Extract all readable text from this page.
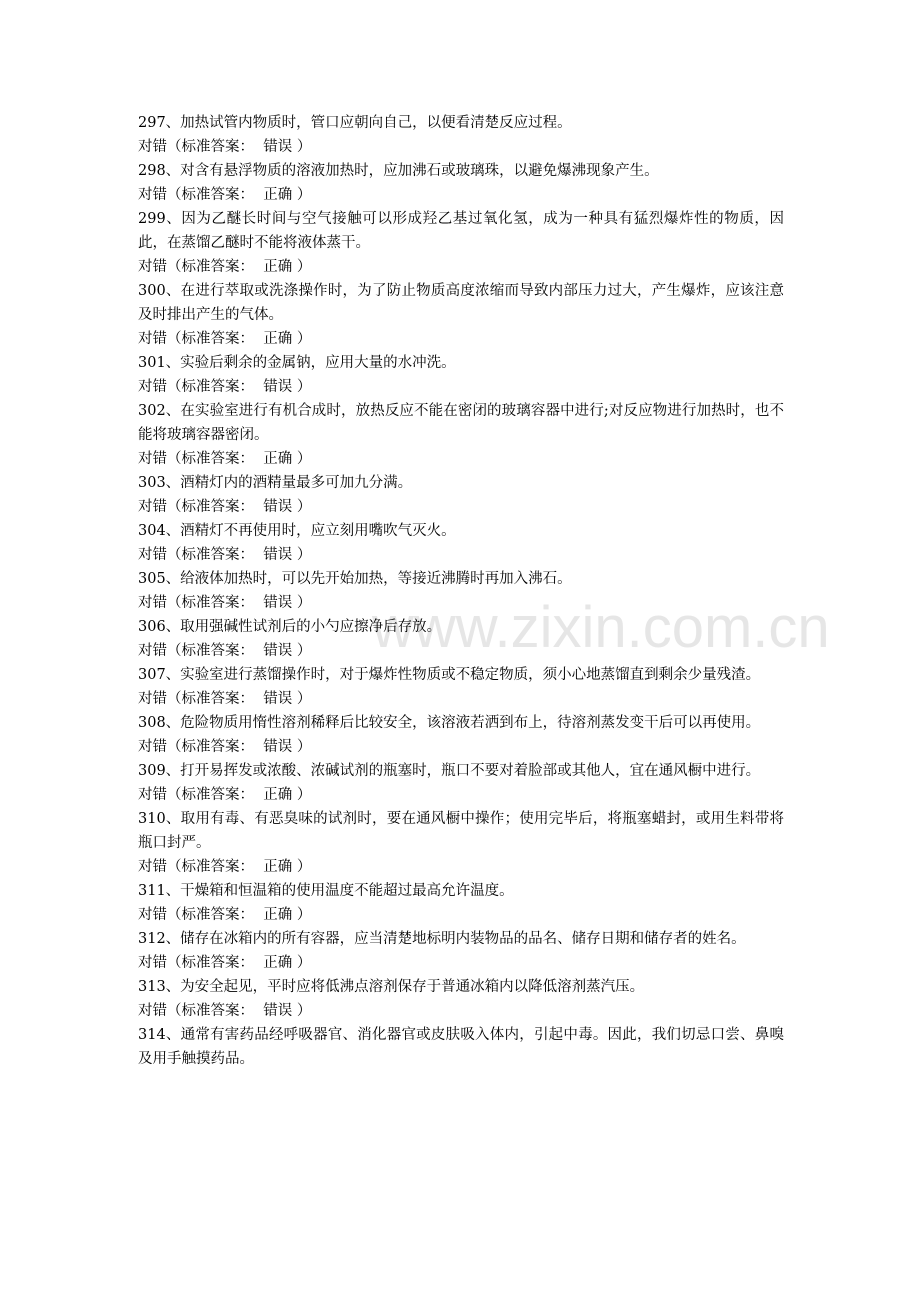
www.zixin.com.cn

297、加热试管内物质时，管口应朝向自己，以便看清楚反应过程。

对错（标准答案：  错误 ）

298、对含有悬浮物质的溶液加热时，应加沸石或玻璃珠，以避免爆沸现象产生。

对错（标准答案：  正确 ）

299、因为乙醚长时间与空气接触可以形成羟乙基过氧化氢，成为一种具有猛烈爆炸性的物质，因此，在蒸馏乙醚时不能将液体蒸干。

对错（标准答案：  正确 ）

300、在进行萃取或洗涤操作时，为了防止物质高度浓缩而导致内部压力过大，产生爆炸，应该注意及时排出产生的气体。

对错（标准答案：  正确 ）

301、实验后剩余的金属钠，应用大量的水冲洗。

对错（标准答案：  错误 ）

302、在实验室进行有机合成时，放热反应不能在密闭的玻璃容器中进行;对反应物进行加热时，也不能将玻璃容器密闭。

对错（标准答案：  正确 ）

303、酒精灯内的酒精量最多可加九分满。

对错（标准答案：  错误 ）

304、酒精灯不再使用时，应立刻用嘴吹气灭火。

对错（标准答案：  错误 ）

305、给液体加热时，可以先开始加热，等接近沸腾时再加入沸石。

对错（标准答案：  错误 ）

306、取用强碱性试剂后的小勺应擦净后存放。

对错（标准答案：  错误 ）

307、实验室进行蒸馏操作时，对于爆炸性物质或不稳定物质，须小心地蒸馏直到剩余少量残渣。

对错（标准答案：  错误 ）

308、危险物质用惰性溶剂稀释后比较安全，该溶液若洒到布上，待溶剂蒸发变干后可以再使用。

对错（标准答案：  错误 ）

309、打开易挥发或浓酸、浓碱试剂的瓶塞时，瓶口不要对着脸部或其他人，宜在通风橱中进行。

对错（标准答案：  正确 ）

310、取用有毒、有恶臭味的试剂时，要在通风橱中操作；使用完毕后，将瓶塞蜡封，或用生料带将瓶口封严。

对错（标准答案：  正确 ）

311、干燥箱和恒温箱的使用温度不能超过最高允许温度。

对错（标准答案：  正确 ）

312、储存在冰箱内的所有容器，应当清楚地标明内装物品的品名、储存日期和储存者的姓名。

对错（标准答案：  正确 ）

313、为安全起见，平时应将低沸点溶剂保存于普通冰箱内以降低溶剂蒸汽压。

对错（标准答案：  错误 ）

314、通常有害药品经呼吸器官、消化器官或皮肤吸入体内，引起中毒。因此，我们切忌口尝、鼻嗅及用手触摸药品。
